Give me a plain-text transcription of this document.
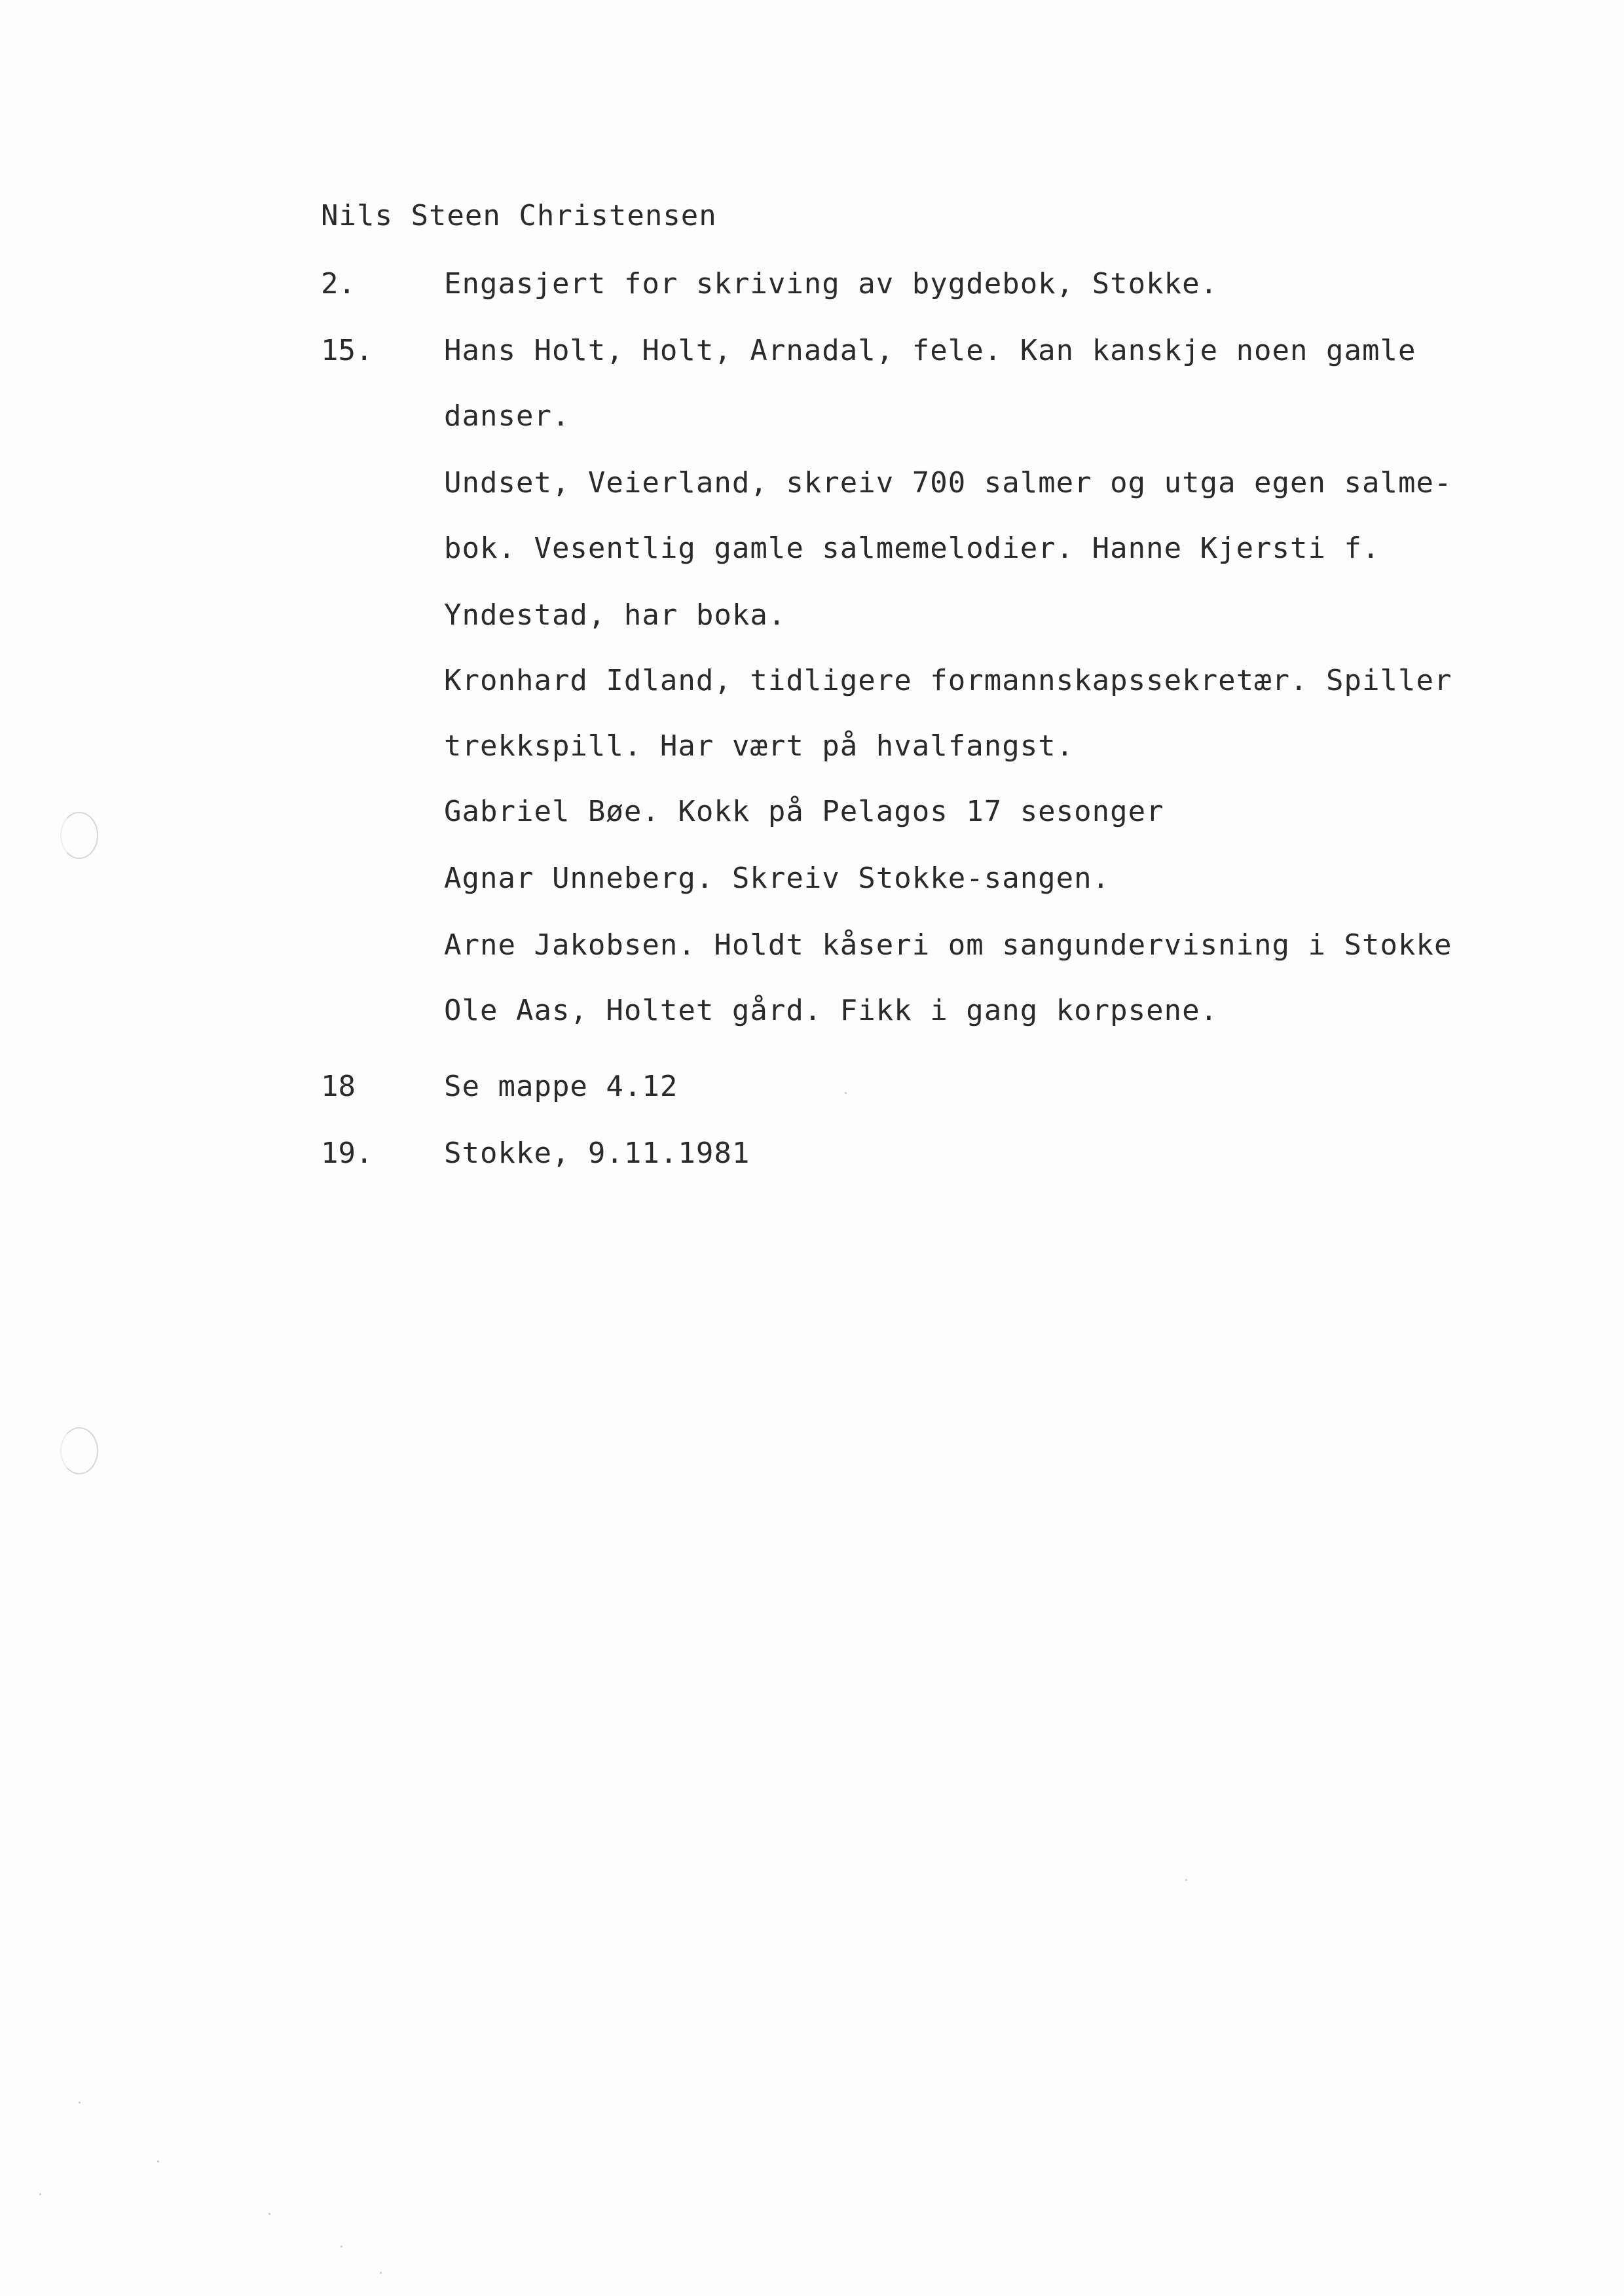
Nils Steen Christensen
2.	Engasjert for skriving av bygdebok, Stokke.
15. Hans Holt, Holt, Arnadal, fele. Kan kanskje noen gamle
danser.
Undset, Veierland, skreiv 700 salmer og utga egen salme-
bok. Vesentlig gamle salmemelodier. Hanne Kjersti f.
Yndestad, har boka.
Kronhard Idland, tidligere formannskapssekretær. Spiller
trekkspill. Har vært på hvalfangst.
Gabriel Bøe. Kokk på Pelagos 17 sesonger
Agnar Unneberg. Skreiv Stokke-sangen.
Arne Jakobsen. Holdt kåseri om sangundervisning i Stokke
Ole Aas, Holtet gård. Fikk i gang korpsene.
18	Se mappe 4.12
19. Stokke, 9.11.1981
